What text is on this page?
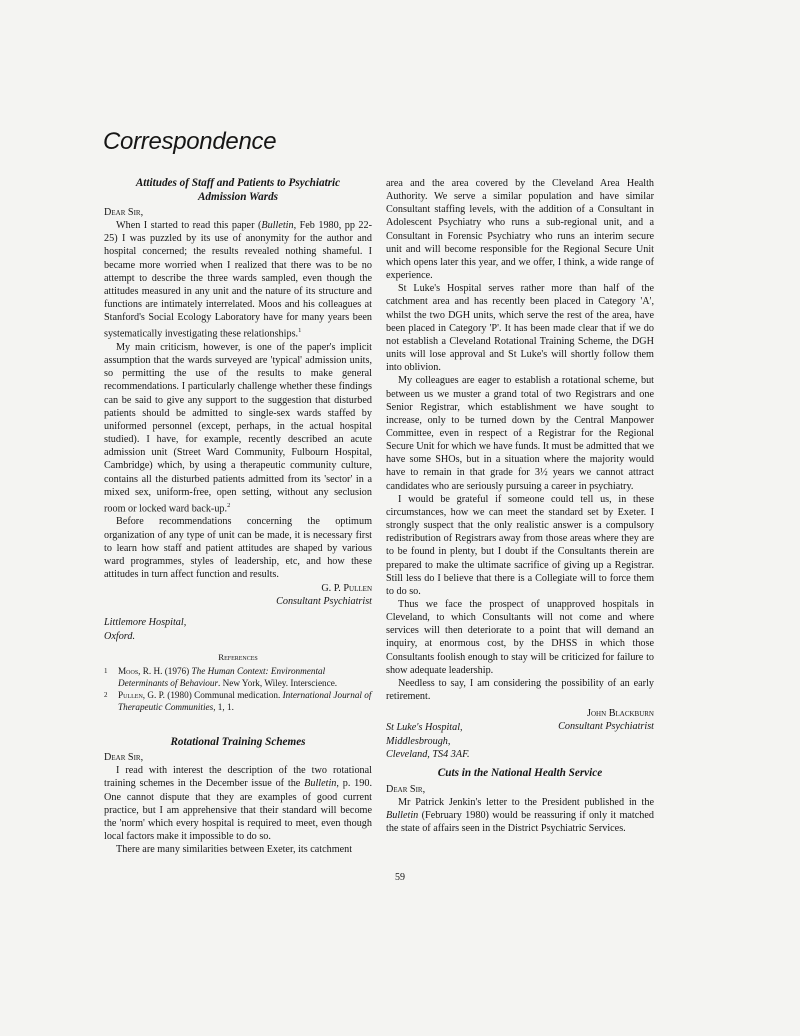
Correspondence
Attitudes of Staff and Patients to Psychiatric Admission Wards

Dear Sir,

When I started to read this paper (Bulletin, Feb 1980, pp 22-25) I was puzzled by its use of anonymity for the author and hospital concerned; the results revealed nothing shameful. I became more worried when I realized that there was to be no attempt to describe the three wards sampled, even though the attitudes measured in any unit and the nature of its structure and functions are intimately interrelated. Moos and his colleagues at Stanford's Social Ecology Laboratory have for many years been systematically investigating these relationships.$^1$

My main criticism, however, is one of the paper's implicit assumption that the wards surveyed are 'typical' admission units, so permitting the use of the results to make general recommendations. I particularly challenge whether these findings can be said to give any support to the suggestion that disturbed patients should be admitted to single-sex wards staffed by uniformed personnel (except, perhaps, in the actual hospital studied). I have, for example, recently described an acute admission unit (Street Ward Community, Fulbourn Hospital, Cambridge) which, by using a therapeutic community culture, contains all the disturbed patients admitted from its 'sector' in a mixed sex, uniform-free, open setting, without any seclusion room or locked ward back-up.$^2$

Before recommendations concerning the optimum organization of any type of unit can be made, it is necessary first to learn how staff and patient attitudes are shaped by various ward programmes, styles of leadership, etc, and how these attitudes in turn affect function and results.

G. P. Pullen

Consultant Psychiatrist

Littlemore Hospital,
Oxford.
References

1 Moos, R. H. (1976) The Human Context: Environmental Determinants of Behaviour. New York, Wiley. Interscience.

2 Pullen, G. P. (1980) Communal medication. International Journal of Therapeutic Communities, 1, 1.

Rotational Training Schemes

Dear Sir,

I read with interest the description of the two rotational training schemes in the December issue of the Bulletin, p. 190. One cannot dispute that they are examples of good current practice, but I am apprehensive that their standard will become the 'norm' which every hospital is required to meet, even though local factors make it impossible to do so.

There are many similarities between Exeter, its catchment

area and the area covered by the Cleveland Area Health Authority. We serve a similar population and have similar Consultant staffing levels, with the addition of a Consultant in Adolescent Psychiatry who runs a sub-regional unit, and a Consultant in Forensic Psychiatry who runs an interim secure unit and will become responsible for the Regional Secure Unit which opens later this year, and we offer, I think, a wide range of experience.

St Luke's Hospital serves rather more than half of the catchment area and has recently been placed in Category 'A', whilst the two DGH units, which serve the rest of the area, have been placed in Category 'P'. It has been made clear that if we do not establish a Cleveland Rotational Training Scheme, the DGH units will lose approval and St Luke's will shortly follow them into oblivion.

My colleagues are eager to establish a rotational scheme, but between us we muster a grand total of two Registrars and one Senior Registrar, which establishment we have sought to increase, only to be turned down by the Central Manpower Committee, even in respect of a Registrar for the Regional Secure Unit for which we have funds. It must be admitted that we have some SHOs, but in a situation where the majority would have to remain in that grade for 3½ years we cannot attract candidates who are seriously pursuing a career in psychiatry.

I would be grateful if someone could tell us, in these circumstances, how we can meet the standard set by Exeter. I strongly suspect that the only realistic answer is a compulsory redistribution of Registrars away from those areas where they are to be found in plenty, but I doubt if the Consultants therein are prepared to make the ultimate sacrifice of giving up a Registrar. Still less do I believe that there is a Collegiate will to force them to do so.

Thus we face the prospect of unapproved hospitals in Cleveland, to which Consultants will not come and where services will then deteriorate to a point that will demand an inquiry, at enormous cost, by the DHSS in which those Consultants foolish enough to stay will be criticized for failure to show adequate leadership.

Needless to say, I am considering the possibility of an early retirement.

St Luke's Hospital,
Middlesbrough,
Cleveland, TS4 3AF.
John Blackburn
Consultant Psychiatrist
Cuts in the National Health Service

Dear Sir,

Mr Patrick Jenkin's letter to the President published in the Bulletin (February 1980) would be reassuring if only it matched the state of affairs seen in the District Psychiatric Services.

59
